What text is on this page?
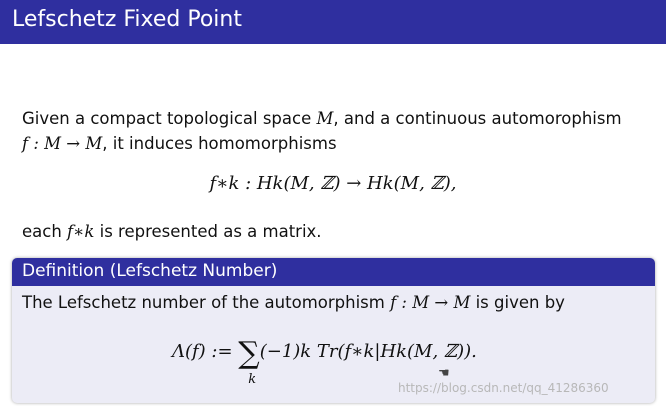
Lefschetz Fixed Point
Given a compact topological space M, and a continuous automorophism
f : M → M, it induces homomorphisms
f∗k : Hk(M, ℤ) → Hk(M, ℤ),
each f∗k is represented as a matrix.
Definition (Lefschetz Number)
The Lefschetz number of the automorphism f : M → M is given by
Λ(f) := ∑
k
(−1)k Tr(f∗k|Hk(M, ℤ)).
☚
https://blog.csdn.net/qq_41286360
